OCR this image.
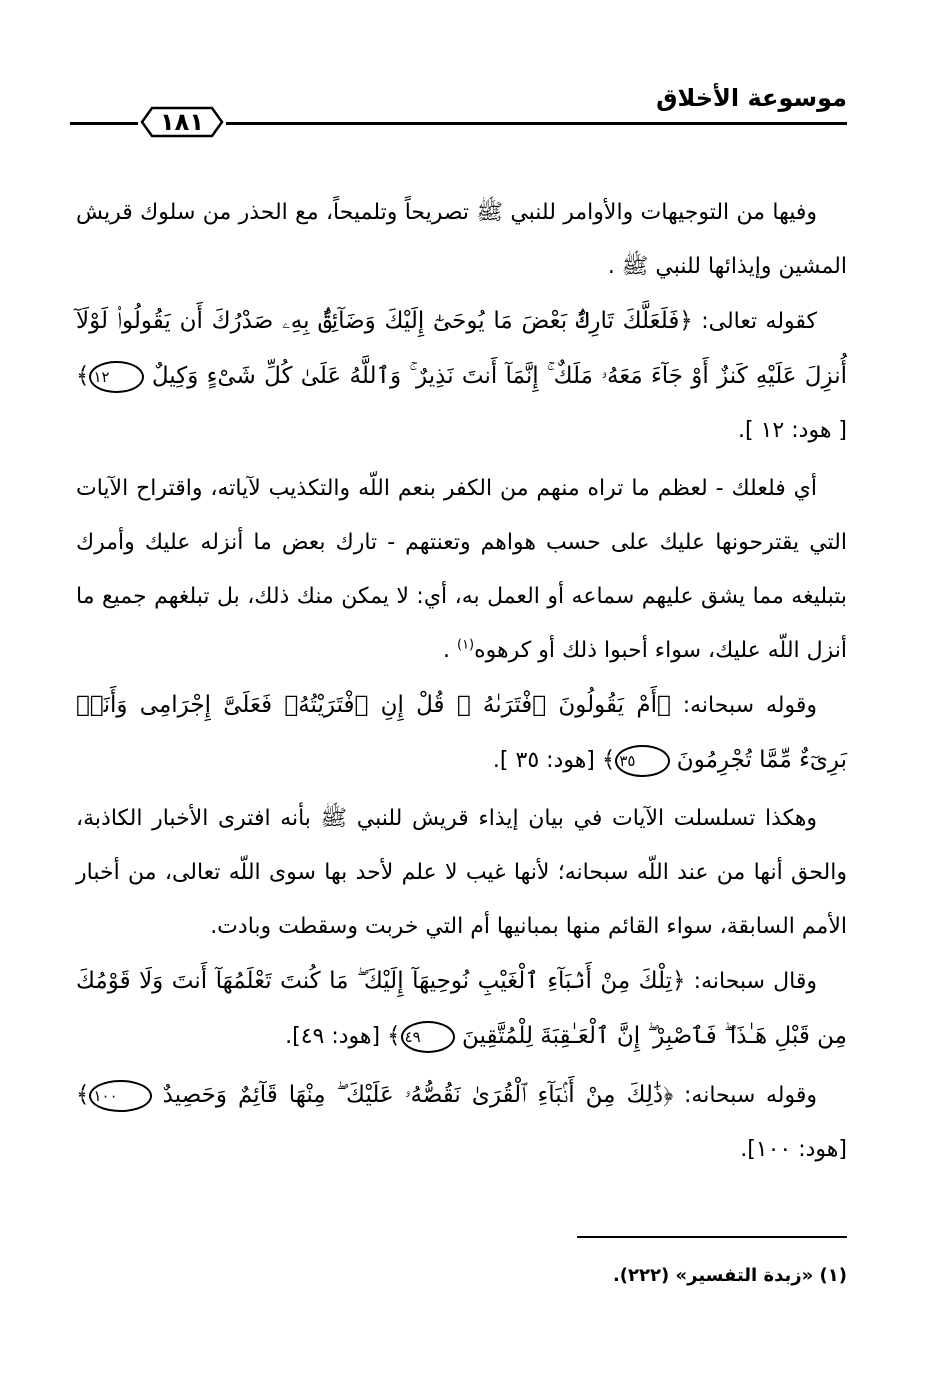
موسوعة الأخلاق
١٨١

وفيها من التوجيهات والأوامر للنبي ﷺ تصريحاً وتلميحاً، مع الحذر من سلوك قريش المشين وإيذائها للنبي ﷺ .

كقوله تعالى: ﴿فَلَعَلَّكَ تَارِكٌۢ بَعْضَ مَا يُوحَىٰٓ إِلَيْكَ وَضَآئِقٌۢ بِهِۦ صَدْرُكَ أَن يَقُولُوا۟ لَوْلَآ أُنزِلَ عَلَيْهِ كَنزٌ أَوْ جَآءَ مَعَهُۥ مَلَكٌ ۚ إِنَّمَآ أَنتَ نَذِيرٌ ۚ وَٱللَّهُ عَلَىٰ كُلِّ شَىْءٍ وَكِيلٌ ١٢﴾ [ هود: ١٢ ].

أي فلعلك - لعظم ما تراه منهم من الكفر بنعم اللّه والتكذيب لآياته، واقتراح الآيات التي يقترحونها عليك على حسب هواهم وتعنتهم - تارك بعض ما أنزله عليك وأمرك بتبليغه مما يشق عليهم سماعه أو العمل به، أي: لا يمكن منك ذلك، بل تبلغهم جميع ما أنزل اللّه عليك، سواء أحبوا ذلك أو كرهوه$^{(١)}$ .

وقوله سبحانه: ﴿أَمْ يَقُولُونَ ٱفْتَرَىٰهُ ۖ قُلْ إِنِ ٱفْتَرَيْتُهُۥ فَعَلَىَّ إِجْرَامِى وَأَنَا۠ بَرِىٓءٌ مِّمَّا تُجْرِمُونَ ٣٥﴾ [هود: ٣٥ ].

وهكذا تسلسلت الآيات في بيان إيذاء قريش للنبي ﷺ بأنه افترى الأخبار الكاذبة، والحق أنها من عند اللّه سبحانه؛ لأنها غيب لا علم لأحد بها سوى اللّه تعالى، من أخبار الأمم السابقة، سواء القائم منها بمبانيها أم التي خربت وسقطت وبادت.

وقال سبحانه: ﴿تِلْكَ مِنْ أَنۢبَآءِ ٱلْغَيْبِ نُوحِيهَآ إِلَيْكَ ۖ مَا كُنتَ تَعْلَمُهَآ أَنتَ وَلَا قَوْمُكَ مِن قَبْلِ هَـٰذَا ۖ فَٱصْبِرْ ۖ إِنَّ ٱلْعَـٰقِبَةَ لِلْمُتَّقِينَ ٤٩﴾ [هود: ٤٩].

وقوله سبحانه: ﴿ذَٰلِكَ مِنْ أَنۢبَآءِ ٱلْقُرَىٰ نَقُصُّهُۥ عَلَيْكَ ۖ مِنْهَا قَآئِمٌ وَحَصِيدٌ ١٠٠﴾ [هود: ١٠٠].

(١) «زبدة التفسير» (٢٢٢).
